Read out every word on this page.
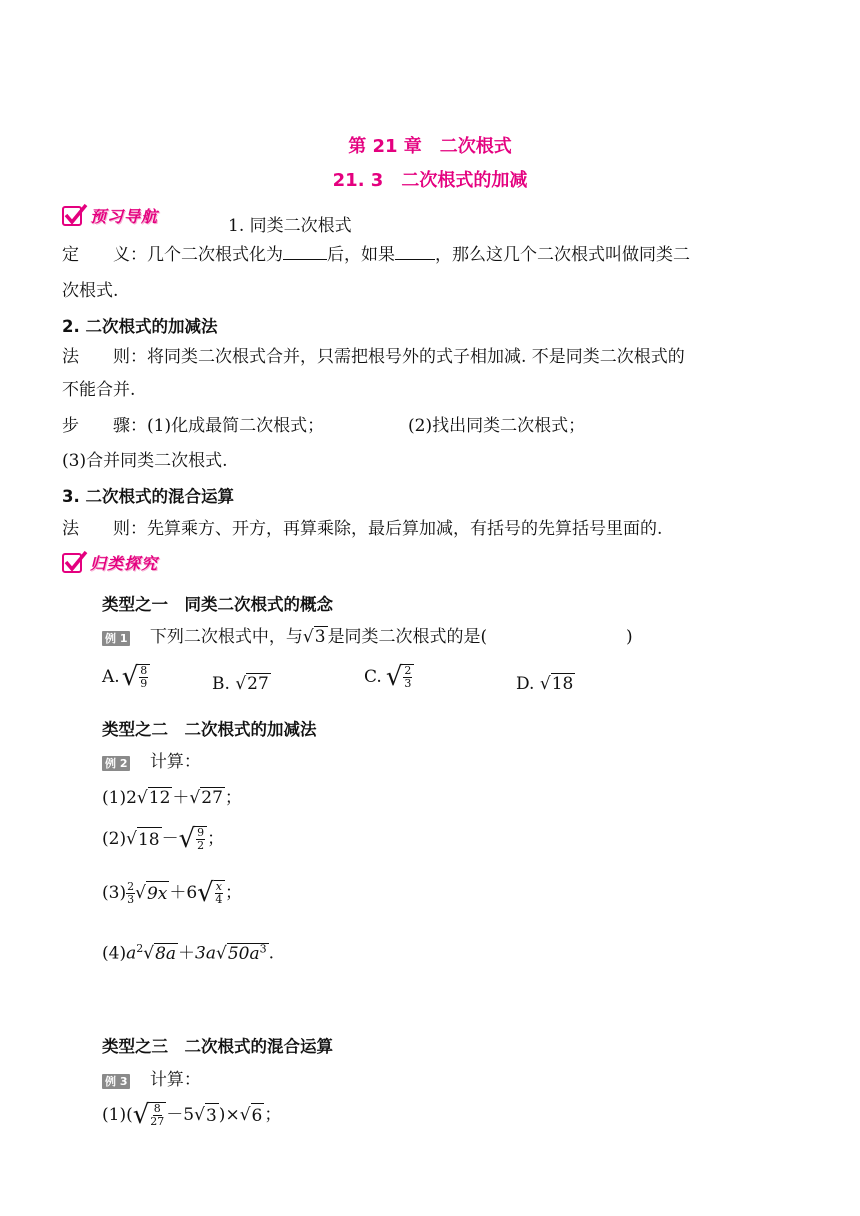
第 21 章　二次根式
21. 3　二次根式的加减
预习导航	1. 同类二次根式
定　　义：几个二次根式化为	后，如果 ，那么这几个二次根式叫做同类二
次根式.
2. 二次根式的加减法
法　　则：将同类二次根式合并，只需把根号外的式子相加减. 不是同类二次根式的
不能合并.
步　　骤：(1)化成最简二次根式；	(2)找出同类二次根式；
(3)合并同类二次根式.
3. 二次根式的混合运算
法　　则：先算乘方、开方，再算乘除，最后算加减，有括号的先算括号里面的.
归类探究
类型之一　同类二次根式的概念
例 1 下列二次根式中，与√3 是同类二次根式的是(	)
A. √ $\frac{8}{9}$	B. √27	C. √ $\frac{2}{3}$	D. √18
类型之二　二次根式的加减法
例 2 计算：
(1)2√12 ＋√27 ；
(2) √ 18 － √ $\frac{9}{2}$ ；
$(3) \frac{2}{3}$ √ 9x ＋ 6 √ $\frac{x}{4}$ ；
$(4)a^2√8a +3a√50a^3$ .
类型之三　二次根式的混合运算
例 3 计算：
(1)( √ $\frac{8}{27} - 5$ √ 3 ) × √ 6 ；
